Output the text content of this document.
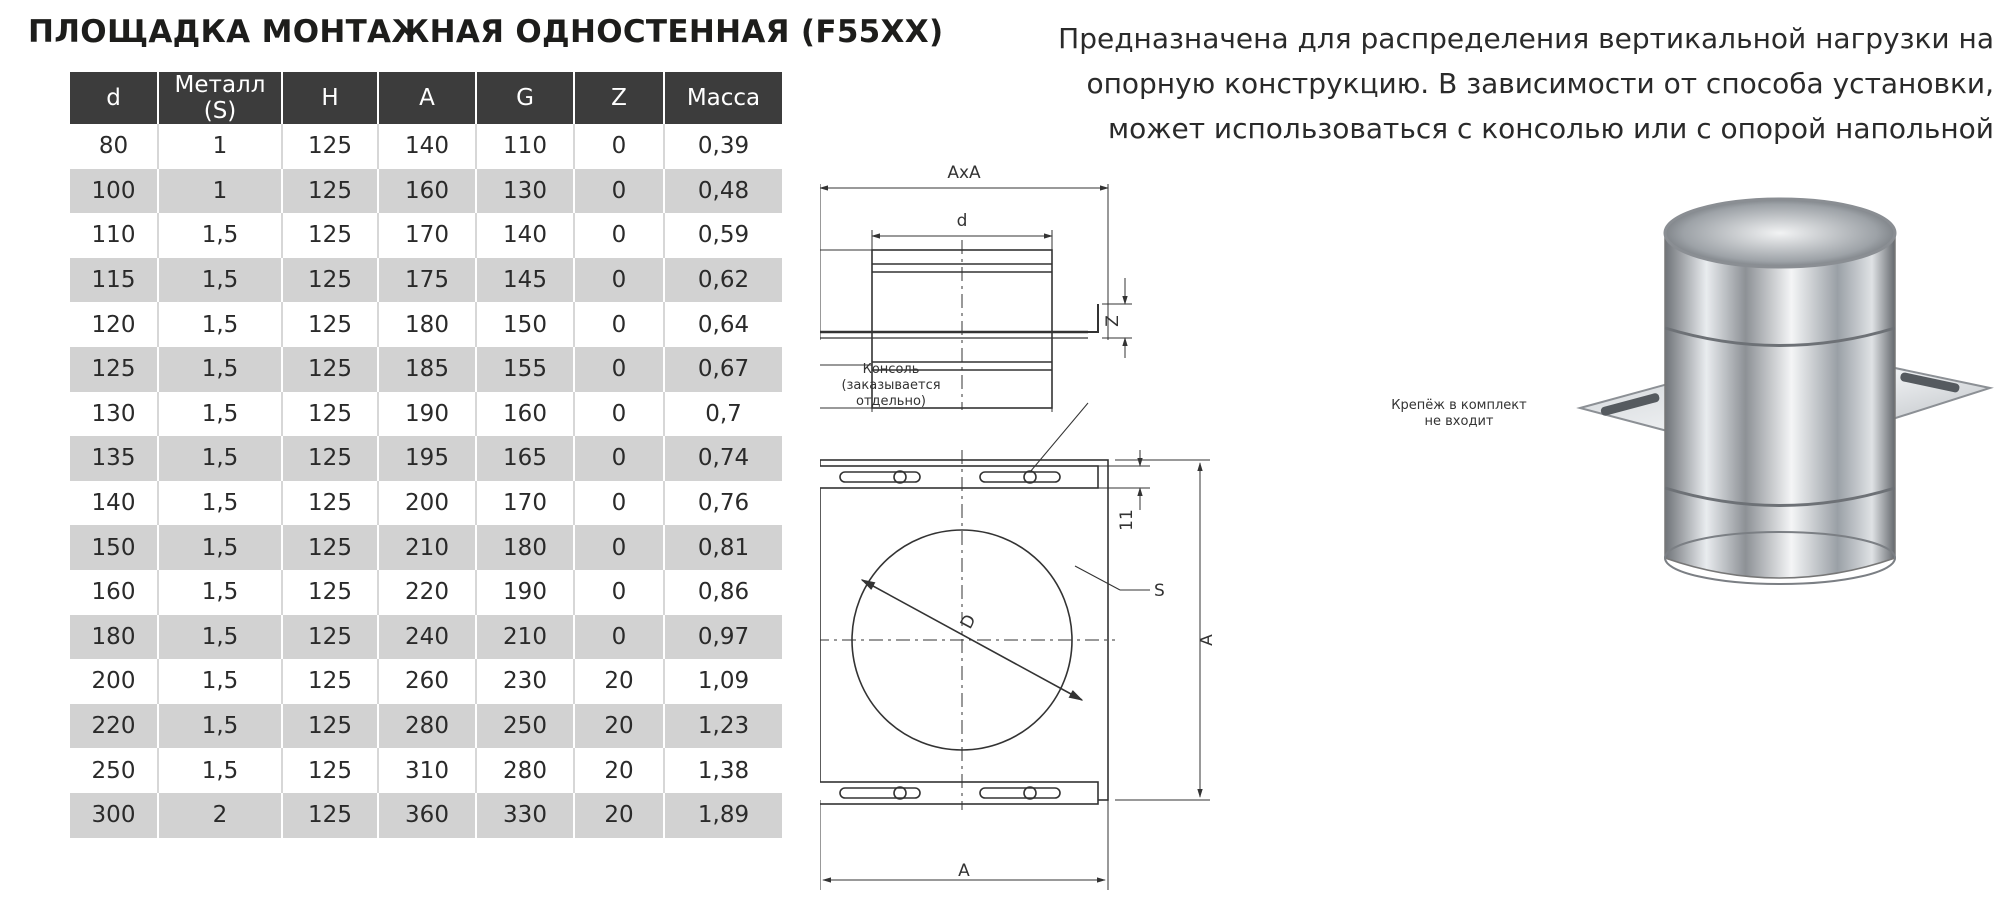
ПЛОЩАДКА МОНТАЖНАЯ ОДНОСТЕННАЯ (F55XX)	Предназначена для распределения вертикальной нагрузки на
опорную конструкцию. В зависимости от способа установки,
может использоваться с консолью или с опорой напольной
d	Металл (S)	H	A	G	Z	Масса
80	1	125	140	110	0	0,39
100	1	125	160	130	0	0,48
110	1,5	125	170	140	0	0,59
115	1,5	125	175	145	0	0,62
120	1,5	125	180	150	0	0,64
125	1,5	125	185	155	0	0,67
130	1,5	125	190	160	0	0,7
135	1,5	125	195	165	0	0,74
140	1,5	125	200	170	0	0,76
150	1,5	125	210	180	0	0,81
160	1,5	125	220	190	0	0,86
180	1,5	125	240	210	0	0,97
200	1,5	125	260	230	20	1,09
220	1,5	125	280	250	20	1,23
250	1,5	125	310	280	20	1,38
300	2	125	360	330	20	1,89
AxA
d
Z
11
A
A
S
D
Консоль
(заказывается
отдельно)	Крепёж в комплект
не входит
